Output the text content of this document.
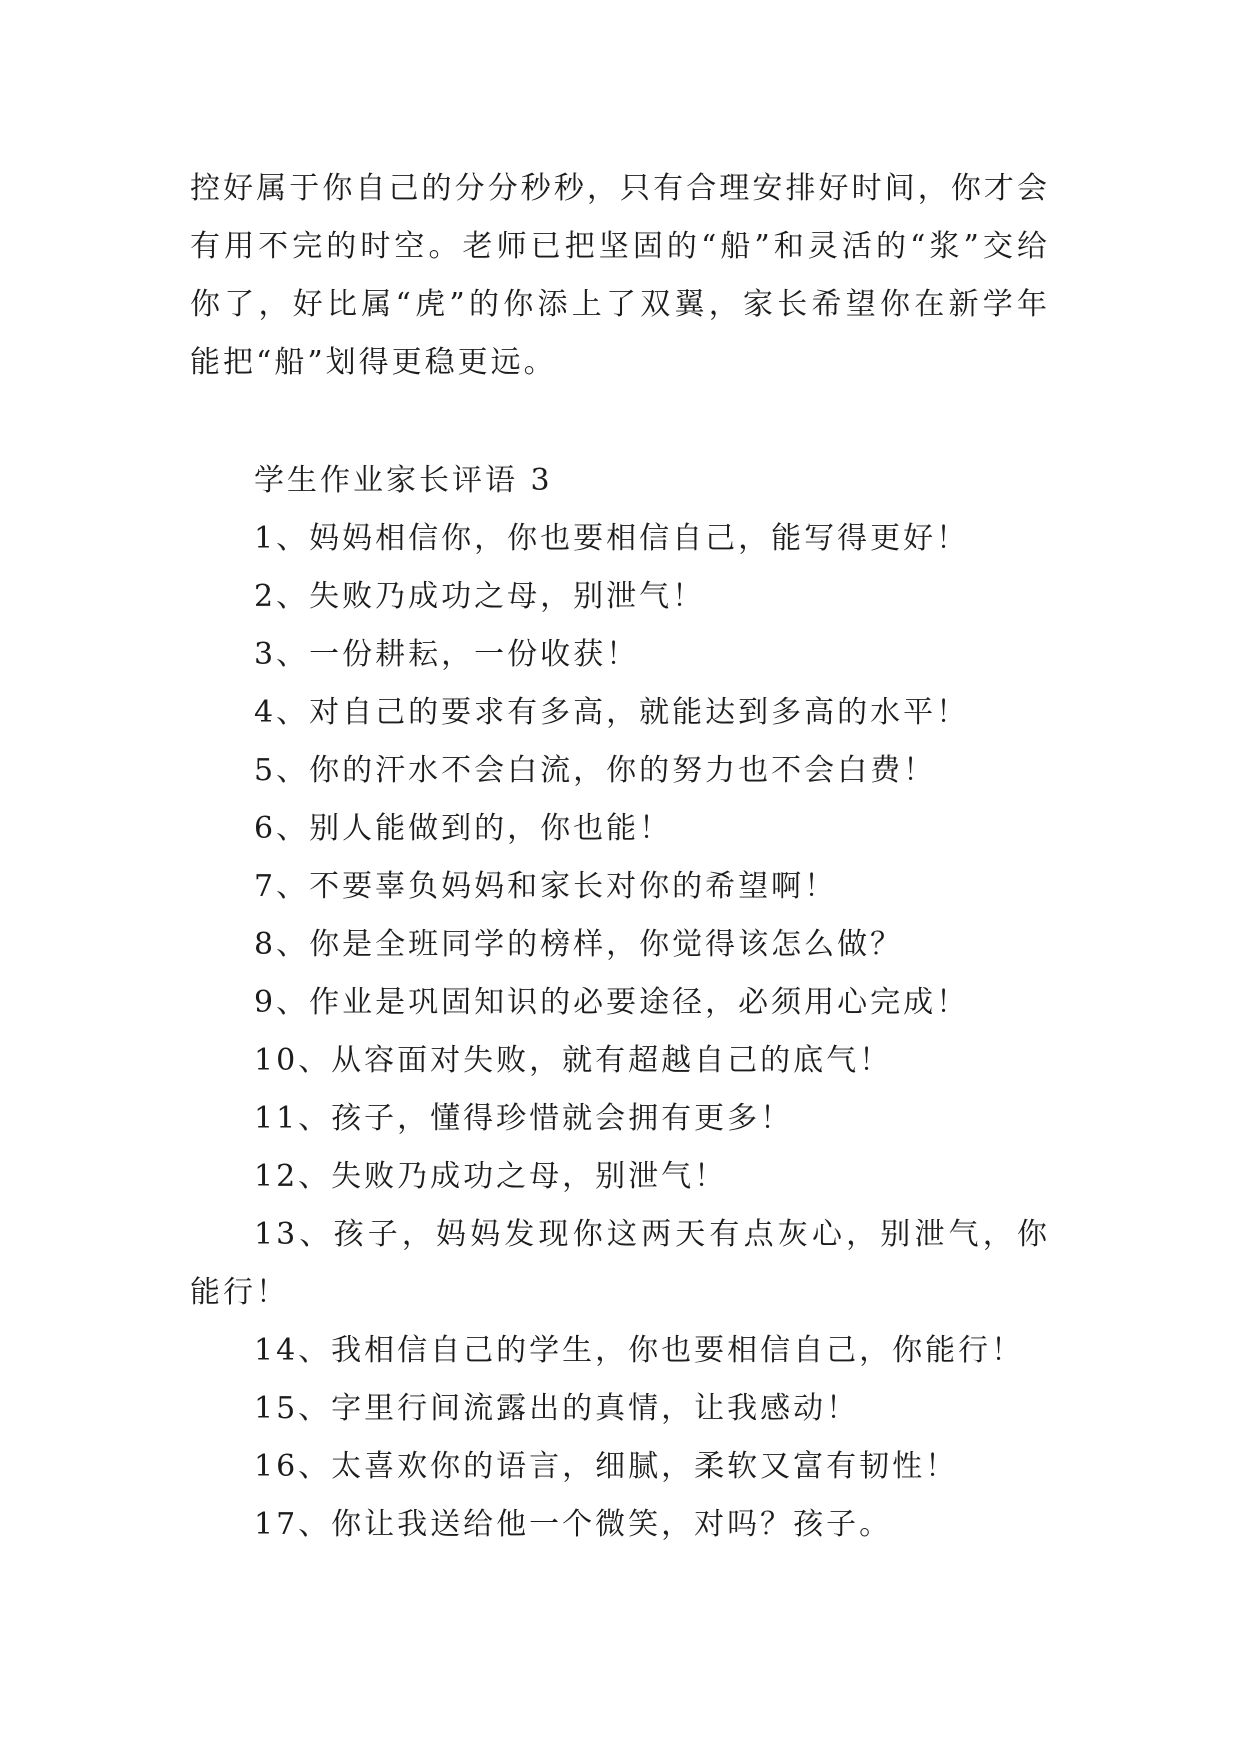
控好属于你自己的分分秒秒，只有合理安排好时间，你才会有用不完的时空。老师已把坚固的“船”和灵活的“浆”交给你了，好比属“虎”的你添上了双翼，家长希望你在新学年能把“船”划得更稳更远。

学生作业家长评语 3

1、妈妈相信你，你也要相信自己，能写得更好！

2、失败乃成功之母，别泄气！

3、一份耕耘，一份收获！

4、对自己的要求有多高，就能达到多高的水平！

5、你的汗水不会白流，你的努力也不会白费！

6、别人能做到的，你也能！

7、不要辜负妈妈和家长对你的希望啊！

8、你是全班同学的榜样，你觉得该怎么做？

9、作业是巩固知识的必要途径，必须用心完成！

10、从容面对失败，就有超越自己的底气！

11、孩子，懂得珍惜就会拥有更多！

12、失败乃成功之母，别泄气！

13、孩子，妈妈发现你这两天有点灰心，别泄气，你能行！

14、我相信自己的学生，你也要相信自己，你能行！

15、字里行间流露出的真情，让我感动！

16、太喜欢你的语言，细腻，柔软又富有韧性！

17、你让我送给他一个微笑，对吗？孩子。
